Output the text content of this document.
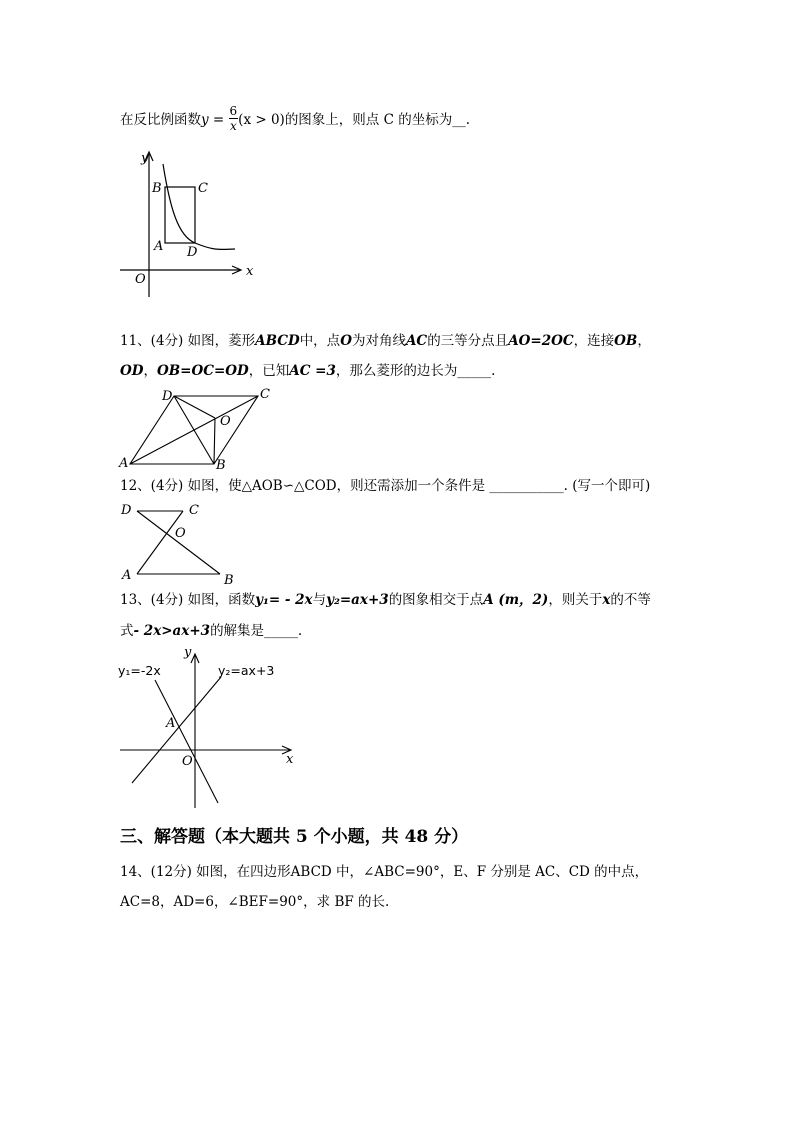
在反比例函数$y = \frac{6}{x} (x > 0)$的图象上，则点 C 的坐标为__.
y
x
O
A
B	C
D
11、(4分) 如图，菱形ABCD中，点O为对角线AC的三等分点且AO=2OC，连接OB，
OD，OB=OC=OD，已知AC =3，那么菱形的边长为_____.
A	B
C
D
O
12、(4分) 如图，使△AOB∽△COD，则还需添加一个条件是 ___________. (写一个即可)
D	C
O
A	B
13、(4分) 如图，函数y₁= - 2x与y₂=ax+3的图象相交于点A (m，2)，则关于x的不等
式- 2x>ax+3的解集是_____.
y₁=-2x	y₂=ax+3
A
O	x
y
三、解答题（本大题共 5 个小题，共 48 分）
14、(12分) 如图，在四边形ABCD 中，∠ABC=90°，E、F 分别是 AC、CD 的中点，
AC=8，AD=6，∠BEF=90°，求 BF 的长.
